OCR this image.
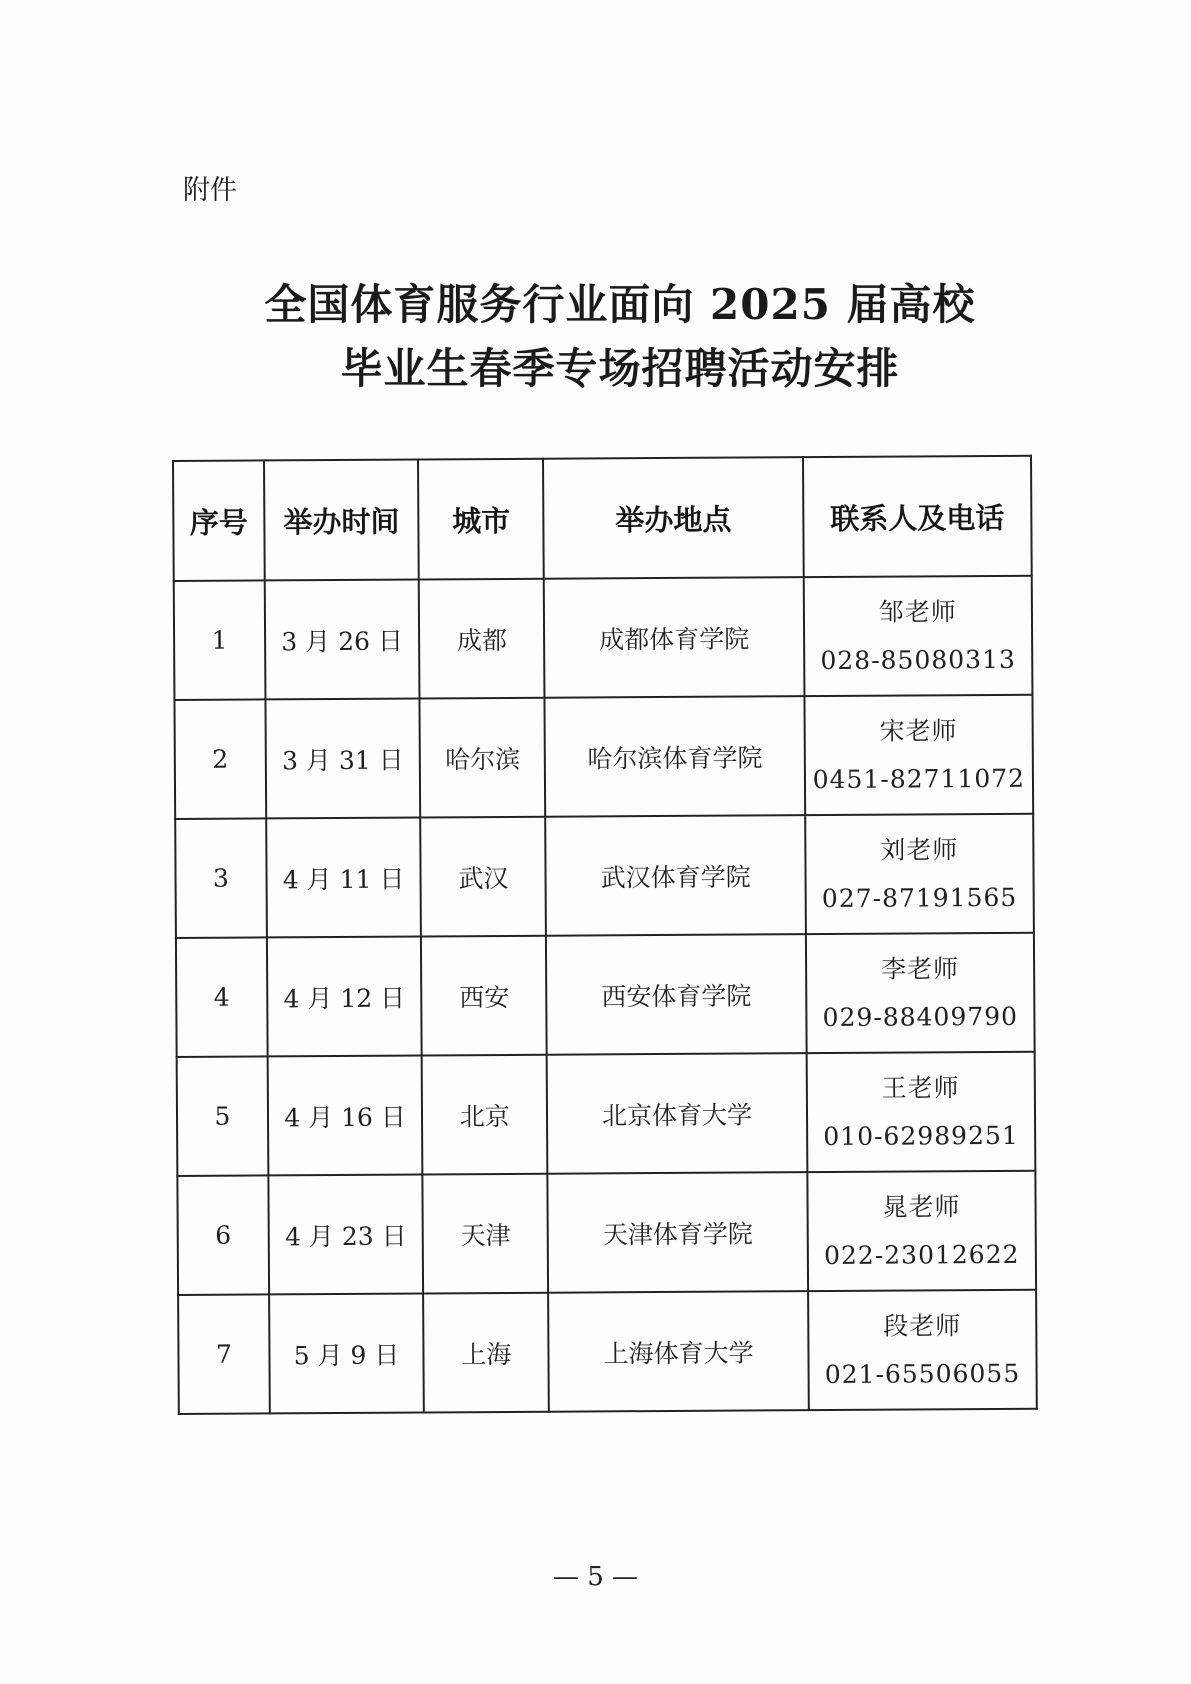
附件
全国体育服务行业面向 2025 届高校
毕业生春季专场招聘活动安排
序号	举办时间	城市	举办地点	联系人及电话
1	3 月 26 日	成都	成都体育学院	邹老师
028-85080313

2	3 月 31 日	哈尔滨	哈尔滨体育学院	宋老师
0451-82711072

3	4 月 11 日	武汉	武汉体育学院	刘老师
027-87191565

4	4 月 12 日	西安	西安体育学院	李老师
029-88409790

5	4 月 16 日	北京	北京体育大学	王老师
010-62989251

6	4 月 23 日	天津	天津体育学院	晁老师
022-23012622

7	5 月 9 日	上海	上海体育大学	段老师
021-65506055
— 5 —
